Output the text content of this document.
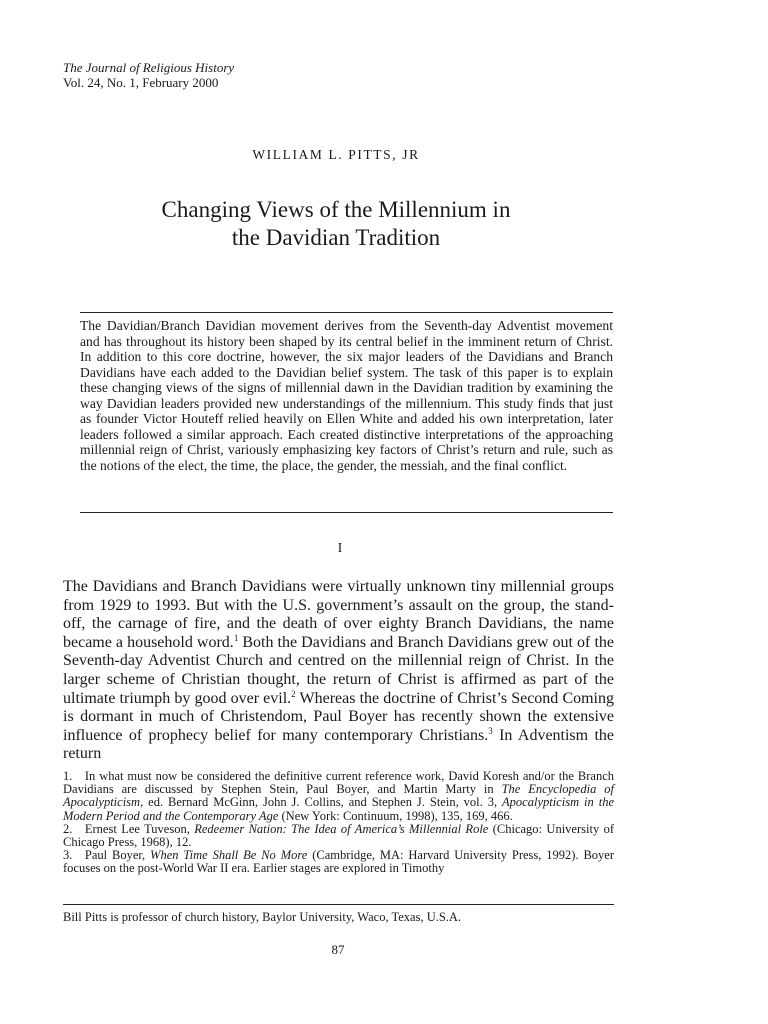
The Journal of Religious History
Vol. 24, No. 1, February 2000
WILLIAM L. PITTS, JR
Changing Views of the Millennium in
the Davidian Tradition

The Davidian/Branch Davidian movement derives from the Seventh-day Adventist movement and has throughout its history been shaped by its central belief in the imminent return of Christ. In addition to this core doctrine, however, the six major leaders of the Davidians and Branch Davidians have each added to the Davidian belief system. The task of this paper is to explain these changing views of the signs of millennial dawn in the Davidian tradition by examining the way Davidian leaders provided new understandings of the millennium. This study finds that just as founder Victor Houteff relied heavily on Ellen White and added his own interpretation, later leaders followed a similar approach. Each created distinctive interpretations of the approaching millennial reign of Christ, variously emphasizing key factors of Christ’s return and rule, such as the notions of the elect, the time, the place, the gender, the messiah, and the final conflict.

I

The Davidians and Branch Davidians were virtually unknown tiny millennial groups from 1929 to 1993. But with the U.S. government’s assault on the group, the stand-off, the carnage of fire, and the death of over eighty Branch Davidians, the name became a household word.$^1$ Both the Davidians and Branch Davidians grew out of the Seventh-day Adventist Church and centred on the millennial reign of Christ. In the larger scheme of Christian thought, the return of Christ is affirmed as part of the ultimate triumph by good over evil.$^2$ Whereas the doctrine of Christ’s Second Coming is dormant in much of Christendom, Paul Boyer has recently shown the extensive influence of prophecy belief for many contemporary Christians.$^3$ In Adventism the return

1. In what must now be considered the definitive current reference work, David Koresh and/or the Branch Davidians are discussed by Stephen Stein, Paul Boyer, and Martin Marty in The Encyclopedia of Apocalypticism, ed. Bernard McGinn, John J. Collins, and Stephen J. Stein, vol. 3, Apocalypticism in the Modern Period and the Contemporary Age (New York: Continuum, 1998), 135, 169, 466.
2. Ernest Lee Tuveson, Redeemer Nation: The Idea of America’s Millennial Role (Chicago: University of Chicago Press, 1968), 12.
3. Paul Boyer, When Time Shall Be No More (Cambridge, MA: Harvard University Press, 1992). Boyer focuses on the post-World War II era. Earlier stages are explored in Timothy
Bill Pitts is professor of church history, Baylor University, Waco, Texas, U.S.A.
87
